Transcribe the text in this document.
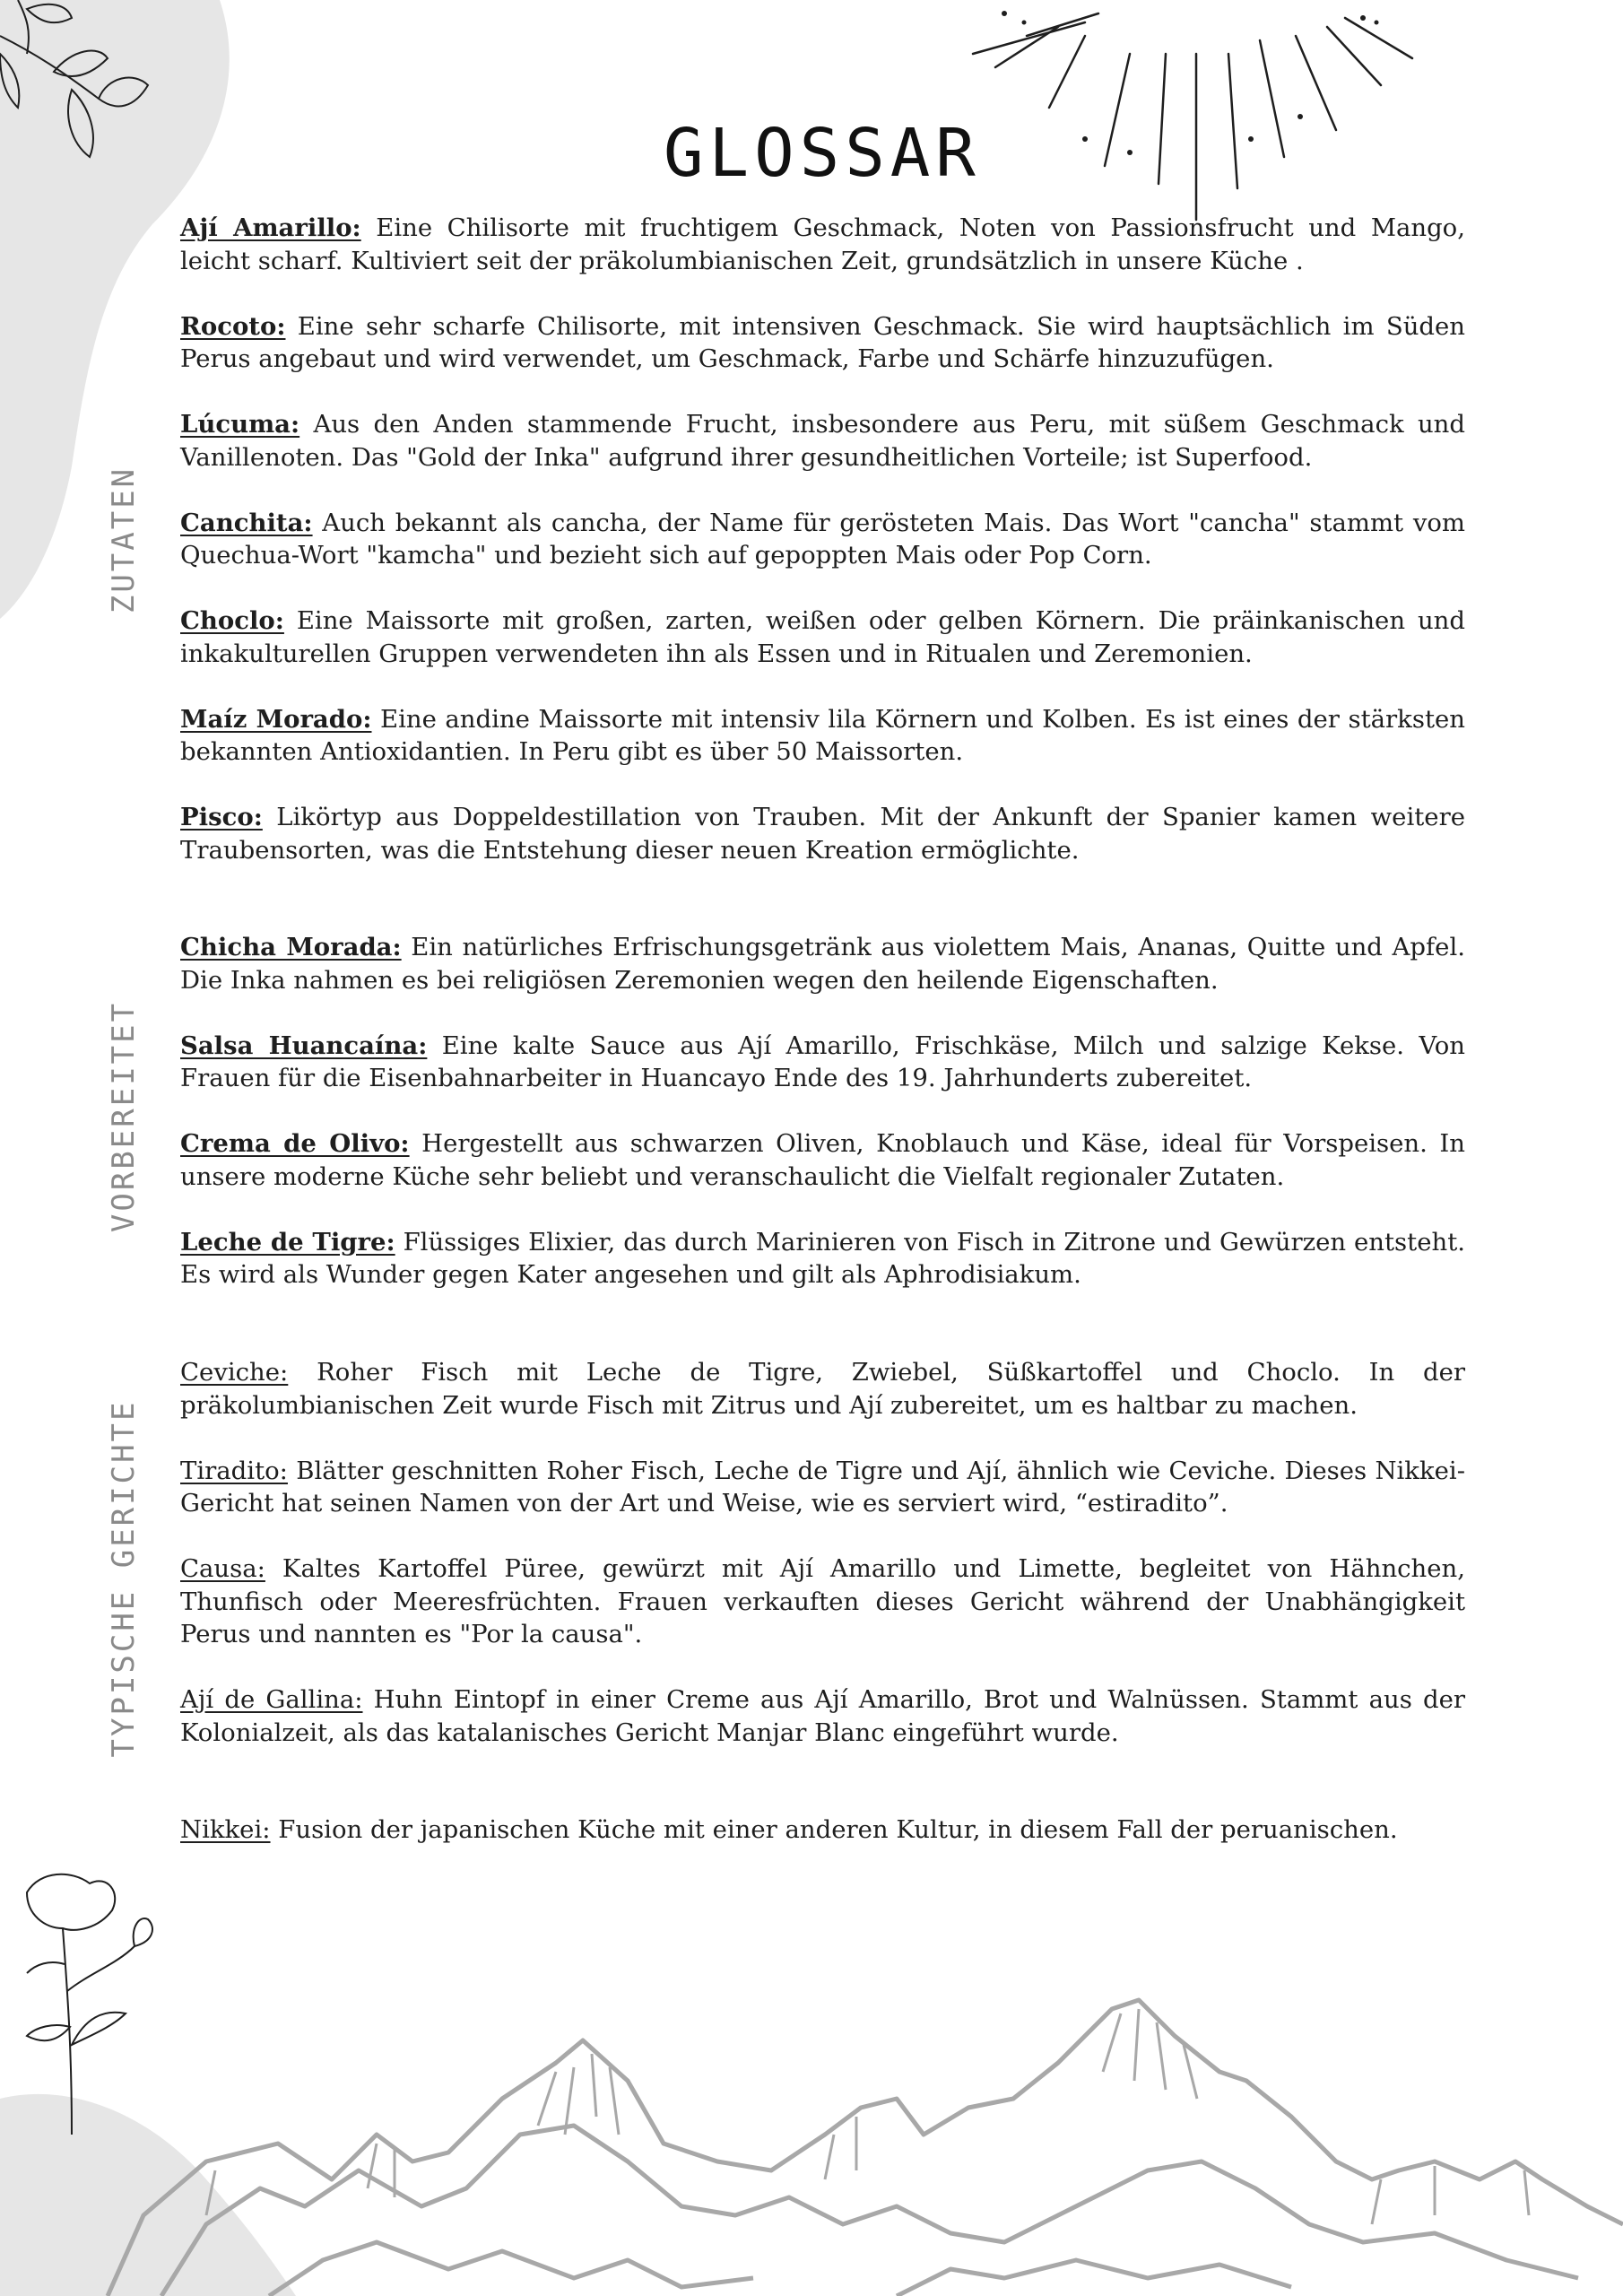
GLOSSAR
ZUTATEN
VORBEREITET
TYPISCHE GERICHTE

Ají Amarillo: Eine Chilisorte mit fruchtigem Geschmack, Noten von Passionsfrucht und Mango, leicht scharf. Kultiviert seit der präkolumbianischen Zeit, grundsätzlich in unsere Küche .

Rocoto: Eine sehr scharfe Chilisorte, mit intensiven Geschmack. Sie wird hauptsächlich im Süden Perus angebaut und wird verwendet, um Geschmack, Farbe und Schärfe hinzuzufügen.

Lúcuma: Aus den Anden stammende Frucht, insbesondere aus Peru, mit süßem Geschmack und Vanillenoten. Das "Gold der Inka" aufgrund ihrer gesundheitlichen Vorteile; ist Superfood.

Canchita: Auch bekannt als cancha, der Name für gerösteten Mais. Das Wort "cancha" stammt vom Quechua-Wort "kamcha" und bezieht sich auf gepoppten Mais oder Pop Corn.

Choclo: Eine Maissorte mit großen, zarten, weißen oder gelben Körnern. Die präinkanischen und inkakulturellen Gruppen verwendeten ihn als Essen und in Ritualen und Zeremonien.

Maíz Morado: Eine andine Maissorte mit intensiv lila Körnern und Kolben. Es ist eines der stärksten bekannten Antioxidantien. In Peru gibt es über 50 Maissorten.

Pisco: Likörtyp aus Doppeldestillation von Trauben. Mit der Ankunft der Spanier kamen weitere Traubensorten, was die Entstehung dieser neuen Kreation ermöglichte.

Chicha Morada: Ein natürliches Erfrischungsgetränk aus violettem Mais, Ananas, Quitte und Apfel. Die Inka nahmen es bei religiösen Zeremonien wegen den heilende Eigenschaften.

Salsa Huancaína: Eine kalte Sauce aus Ají Amarillo, Frischkäse, Milch und salzige Kekse. Von Frauen für die Eisenbahnarbeiter in Huancayo Ende des 19. Jahrhunderts zubereitet.

Crema de Olivo: Hergestellt aus schwarzen Oliven, Knoblauch und Käse, ideal für Vorspeisen. In unsere moderne Küche sehr beliebt und veranschaulicht die Vielfalt regionaler Zutaten.

Leche de Tigre: Flüssiges Elixier, das durch Marinieren von Fisch in Zitrone und Gewürzen entsteht. Es wird als Wunder gegen Kater angesehen und gilt als Aphrodisiakum.

Ceviche: Roher Fisch mit Leche de Tigre, Zwiebel, Süßkartoffel und Choclo. In der präkolumbianischen Zeit wurde Fisch mit Zitrus und Ají zubereitet, um es haltbar zu machen.

Tiradito: Blätter geschnitten Roher Fisch, Leche de Tigre und Ají, ähnlich wie Ceviche. Dieses Nikkei-Gericht hat seinen Namen von der Art und Weise, wie es serviert wird, “estiradito”.

Causa: Kaltes Kartoffel Püree, gewürzt mit Ají Amarillo und Limette, begleitet von Hähnchen, Thunfisch oder Meeresfrüchten. Frauen verkauften dieses Gericht während der Unabhängigkeit Perus und nannten es "Por la causa".

Ají de Gallina: Huhn Eintopf in einer Creme aus Ají Amarillo, Brot und Walnüssen. Stammt aus der Kolonialzeit, als das katalanisches Gericht Manjar Blanc eingeführt wurde.

Nikkei: Fusion der japanischen Küche mit einer anderen Kultur, in diesem Fall der peruanischen.
